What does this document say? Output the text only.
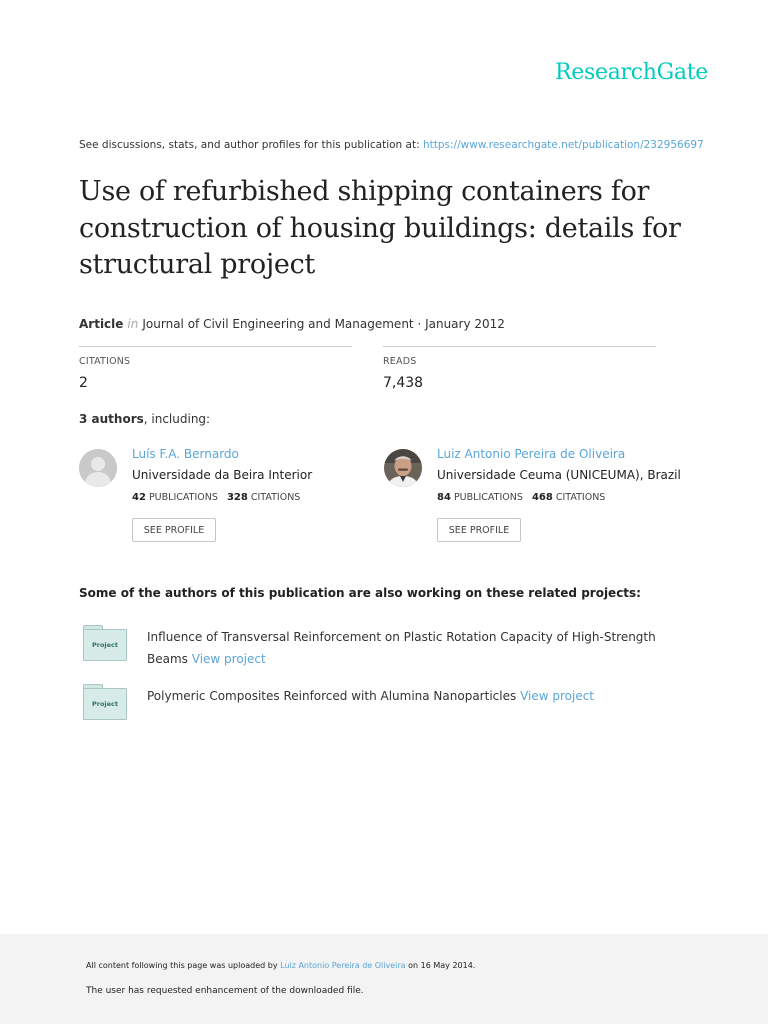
ResearchGate
See discussions, stats, and author profiles for this publication at: https://www.researchgate.net/publication/232956697
Use of refurbished shipping containers for construction of housing buildings: details for structural project
Article in Journal of Civil Engineering and Management · January 2012
CITATIONS
2
READS
7,438
3 authors, including:
Luís F.A. Bernardo
Universidade da Beira Interior
42 PUBLICATIONS 328 CITATIONS
SEE PROFILE
Luiz Antonio Pereira de Oliveira
Universidade Ceuma (UNICEUMA), Brazil
84 PUBLICATIONS 468 CITATIONS
SEE PROFILE
Some of the authors of this publication are also working on these related projects:
Project
Influence of Transversal Reinforcement on Plastic Rotation Capacity of High-Strength Beams View project
Project
Polymeric Composites Reinforced with Alumina Nanoparticles View project
All content following this page was uploaded by Luiz Antonio Pereira de Oliveira on 16 May 2014.
The user has requested enhancement of the downloaded file.
